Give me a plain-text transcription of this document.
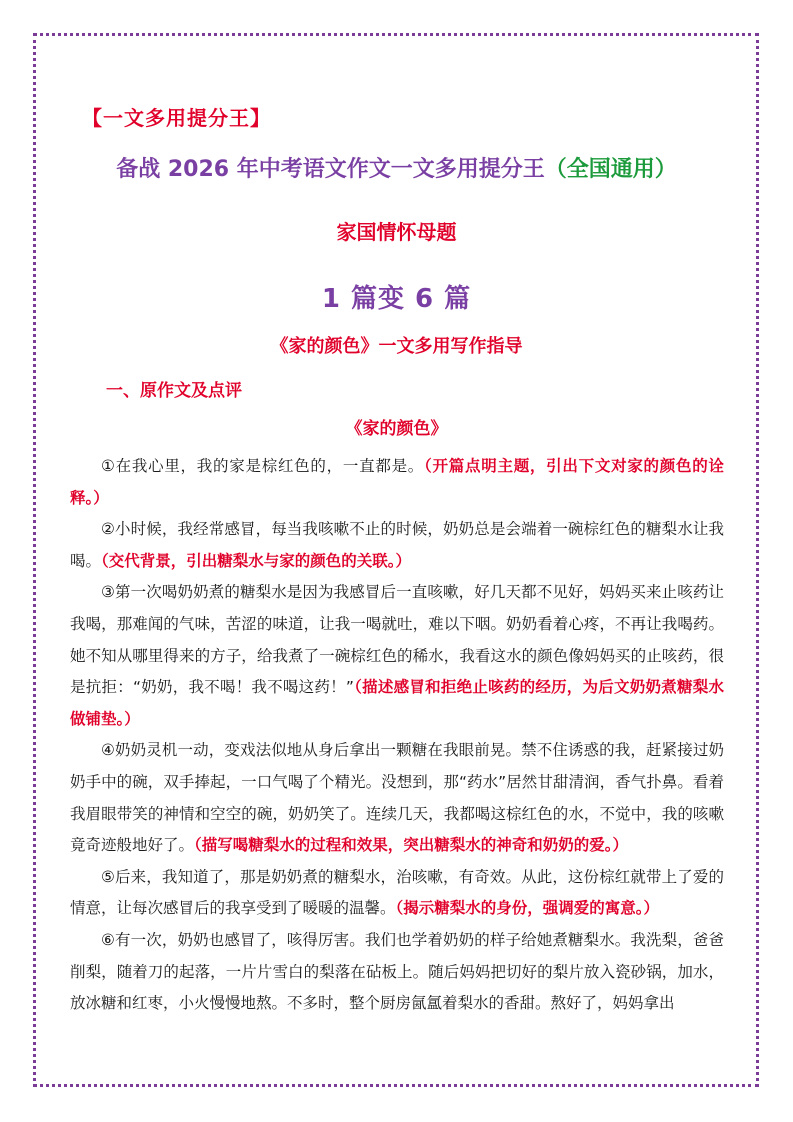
【一文多用提分王】
备战 2026 年中考语文作文一文多用提分王（全国通用）
家国情怀母题
1 篇变 6 篇
《家的颜色》一文多用写作指导
一、原作文及点评
《家的颜色》

①在我心里，我的家是棕红色的，一直都是。（开篇点明主题，引出下文对家的颜色的诠释。）

②小时候，我经常感冒，每当我咳嗽不止的时候，奶奶总是会端着一碗棕红色的糖梨水让我喝。（交代背景，引出糖梨水与家的颜色的关联。）

③第一次喝奶奶煮的糖梨水是因为我感冒后一直咳嗽，好几天都不见好，妈妈买来止咳药让我喝，那难闻的气味，苦涩的味道，让我一喝就吐，难以下咽。奶奶看着心疼，不再让我喝药。她不知从哪里得来的方子，给我煮了一碗棕红色的稀水，我看这水的颜色像妈妈买的止咳药，很是抗拒：“奶奶，我不喝！我不喝这药！”（描述感冒和拒绝止咳药的经历，为后文奶奶煮糖梨水做铺垫。）

④奶奶灵机一动，变戏法似地从身后拿出一颗糖在我眼前晃。禁不住诱惑的我，赶紧接过奶奶手中的碗，双手捧起，一口气喝了个精光。没想到，那“药水”居然甘甜清润，香气扑鼻。看着我眉眼带笑的神情和空空的碗，奶奶笑了。连续几天，我都喝这棕红色的水，不觉中，我的咳嗽竟奇迹般地好了。（描写喝糖梨水的过程和效果，突出糖梨水的神奇和奶奶的爱。）

⑤后来，我知道了，那是奶奶煮的糖梨水，治咳嗽，有奇效。从此，这份棕红就带上了爱的情意，让每次感冒后的我享受到了暖暖的温馨。（揭示糖梨水的身份，强调爱的寓意。）

⑥有一次，奶奶也感冒了，咳得厉害。我们也学着奶奶的样子给她煮糖梨水。我洗梨，爸爸削梨，随着刀的起落，一片片雪白的梨落在砧板上。随后妈妈把切好的梨片放入瓷砂锅，加水，放冰糖和红枣，小火慢慢地熬。不多时，整个厨房氤氲着梨水的香甜。熬好了，妈妈拿出
